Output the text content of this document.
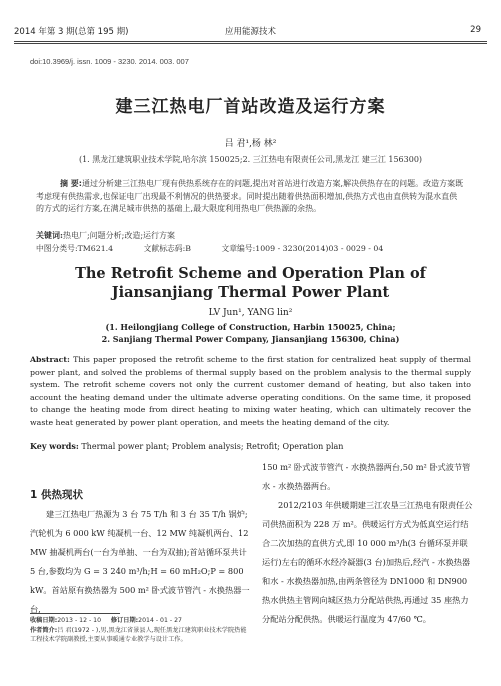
2014 年第 3 期(总第 195 期)	应用能源技术	29
doi:10.3969/j. issn. 1009 - 3230. 2014. 003. 007
建三江热电厂首站改造及运行方案
吕 君¹,杨 林²
(1. 黑龙江建筑职业技术学院,哈尔滨 150025;2. 三江热电有限责任公司,黑龙江 建三江 156300)
摘 要:通过分析建三江热电厂现有供热系统存在的问题,提出对首站进行改造方案,解决供热存在的问题。改造方案既考虑现有供热需求,也保证电厂出现最不利情况的供热要求。同时提出随着供热面积增加,供热方式也由直供转为混水直供的方式的运行方案,在满足城市供热的基础上,最大限度利用热电厂供热源的余热。
关键词:热电厂;问题分析;改造;运行方案
中图分类号:TM621.4	文献标志码:B	文章编号:1009 - 3230(2014)03 - 0029 - 04
The Retrofit Scheme and Operation Plan of Jiansanjiang Thermal Power Plant
LV Jun¹, YANG lin²
(1. Heilongjiang College of Construction, Harbin 150025, China;
2. Sanjiang Thermal Power Company, Jiansanjiang 156300, China)
Abstract: This paper proposed the retrofit scheme to the first station for centralized heat supply of thermal power plant, and solved the problems of thermal supply based on the problem analysis to the thermal supply system. The retrofit scheme covers not only the current customer demand of heating, but also taken into account the heating demand under the ultimate adverse operating conditions. On the same time, it proposed to change the heating mode from direct heating to mixing water heating, which can ultimately recover the waste heat generated by power plant operation, and meets the heating demand of the city.
Key words: Thermal power plant; Problem analysis; Retrofit; Operation plan
1 供热现状

建三江热电厂热源为 3 台 75 T/h 和 3 台 35 T/h 锅炉;汽轮机为 6 000 kW 纯凝机一台、12 MW 纯凝机两台、12 MW 抽凝机两台(一台为单抽、一台为双抽);首站循环泵共计 5 台,参数均为 G = 3 240 m³/h;H = 60 mH₂O;P = 800 kW。首站原有换热器为 500 m² 卧式波节管汽 - 水换热器一台,

150 m² 卧式波节管汽 - 水换热器两台,50 m² 卧式波节管水 - 水换热器两台。

2012/2103 年供暖期建三江农垦三江热电有限责任公司供热面积为 228 万 m²。供暖运行方式为低真空运行结合二次加热的直供方式,即 10 000 m³/h(3 台循环泵并联运行)左右的循环水经冷凝器(3 台)加热后,经汽 - 水换热器和水 - 水换热器加热,由两条管径为 DN1000 和 DN900 热水供热主管网向城区热力分配站供热,再通过 35 座热力分配站分配供热。供暖运行温度为 47/60 ℃。

收稿日期:2013 - 12 - 10 修订日期:2014 - 01 - 27
作者简介:吕 君(1972 - ),男,黑龙江省景县人,现任黑龙江建筑职业技术学院热能工程技术学院副教授,主要从事暖通专业教学与设计工作。
